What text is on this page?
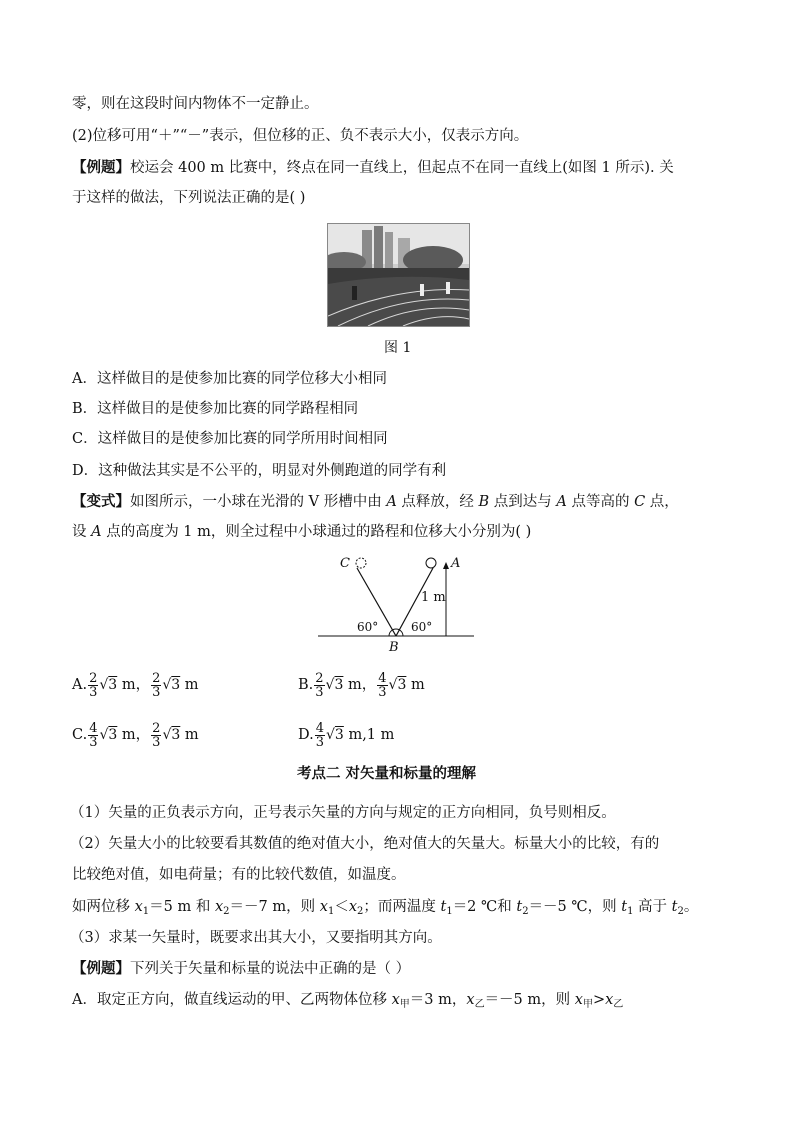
零，则在这段时间内物体不一定静止。
(2)位移可用“＋”“－”表示，但位移的正、负不表示大小，仅表示方向。
【例题】校运会 400 m 比赛中，终点在同一直线上，但起点不在同一直线上(如图 1 所示). 关
于这样的做法，下列说法正确的是( )
图 1
A．这样做目的是使参加比赛的同学位移大小相同
B．这样做目的是使参加比赛的同学路程相同
C．这样做目的是使参加比赛的同学所用时间相同
D．这种做法其实是不公平的，明显对外侧跑道的同学有利
【变式】如图所示，一小球在光滑的 V 形槽中由 A 点释放，经 B 点到达与 A 点等高的 C 点，
设 A 点的高度为 1 m，则全过程中小球通过的路程和位移大小分别为( )
C	A
B
1 m
60°	60°
A. $\frac{2}{3} √3$ m， $\frac{2}{3} √3$ m	B. $\frac{2}{3} √3$ m， $\frac{4}{3} √3$ m
C. $\frac{4}{3} √3$ m， $\frac{2}{3} √3$ m	D. $\frac{4}{3} √3$ m,1 m
考点二 对矢量和标量的理解
（1）矢量的正负表示方向，正号表示矢量的方向与规定的正方向相同，负号则相反。
（2）矢量大小的比较要看其数值的绝对值大小，绝对值大的矢量大。标量大小的比较，有的
比较绝对值，如电荷量；有的比较代数值，如温度。
如两位移 $x_1=5$ m 和 $x_2=-7$ m，则 $x_1<x_2$；而两温度 $t_1=2$ ℃和 $t_2=-5$ ℃，则 $t_1$ 高于 $t_2$。
（3）求某一矢量时，既要求出其大小，又要指明其方向。
【例题】下列关于矢量和标量的说法中正确的是（ ）
A．取定正方向，做直线运动的甲、乙两物体位移 $x_甲=3$ m，$x_乙=-5$ m，则 $x_甲>x_乙$
